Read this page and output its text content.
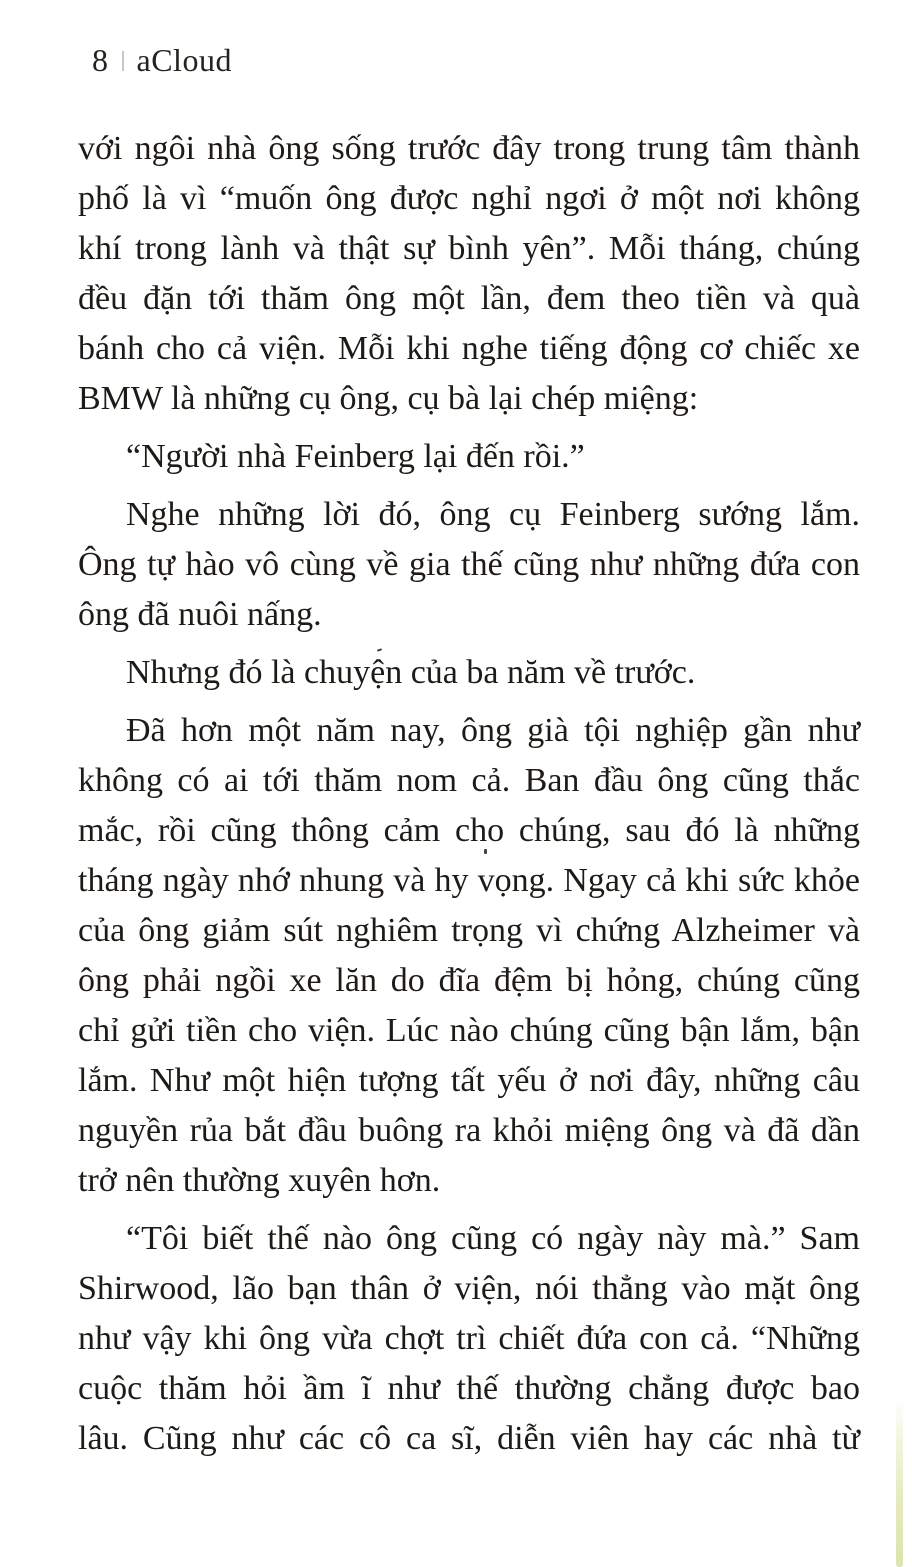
8 aCloud

với ngôi nhà ông sống trước đây trong trung tâm thành
phố là vì “muốn ông được nghỉ ngơi ở một nơi không
khí trong lành và thật sự bình yên”. Mỗi tháng, chúng
đều đặn tới thăm ông một lần, đem theo tiền và quà
bánh cho cả viện. Mỗi khi nghe tiếng động cơ chiếc xe
BMW là những cụ ông, cụ bà lại chép miệng:

“Người nhà Feinberg lại đến rồi.”

Nghe những lời đó, ông cụ Feinberg sướng lắm.
Ông tự hào vô cùng về gia thế cũng như những đứa con
ông đã nuôi nấng.

Nhưng đó là chuyện của ba năm về trước.

Đã hơn một năm nay, ông già tội nghiệp gần như
không có ai tới thăm nom cả. Ban đầu ông cũng thắc
mắc, rồi cũng thông cảm cho chúng, sau đó là những
tháng ngày nhớ nhung và hy vọng. Ngay cả khi sức khỏe
của ông giảm sút nghiêm trọng vì chứng Alzheimer và
ông phải ngồi xe lăn do đĩa đệm bị hỏng, chúng cũng
chỉ gửi tiền cho viện. Lúc nào chúng cũng bận lắm, bận
lắm. Như một hiện tượng tất yếu ở nơi đây, những câu
nguyền rủa bắt đầu buông ra khỏi miệng ông và đã dần
trở nên thường xuyên hơn.

“Tôi biết thế nào ông cũng có ngày này mà.” Sam
Shirwood, lão bạn thân ở viện, nói thẳng vào mặt ông
như vậy khi ông vừa chợt trì chiết đứa con cả. “Những
cuộc thăm hỏi ầm ĩ như thế thường chẳng được bao
lâu. Cũng như các cô ca sĩ, diễn viên hay các nhà từ
